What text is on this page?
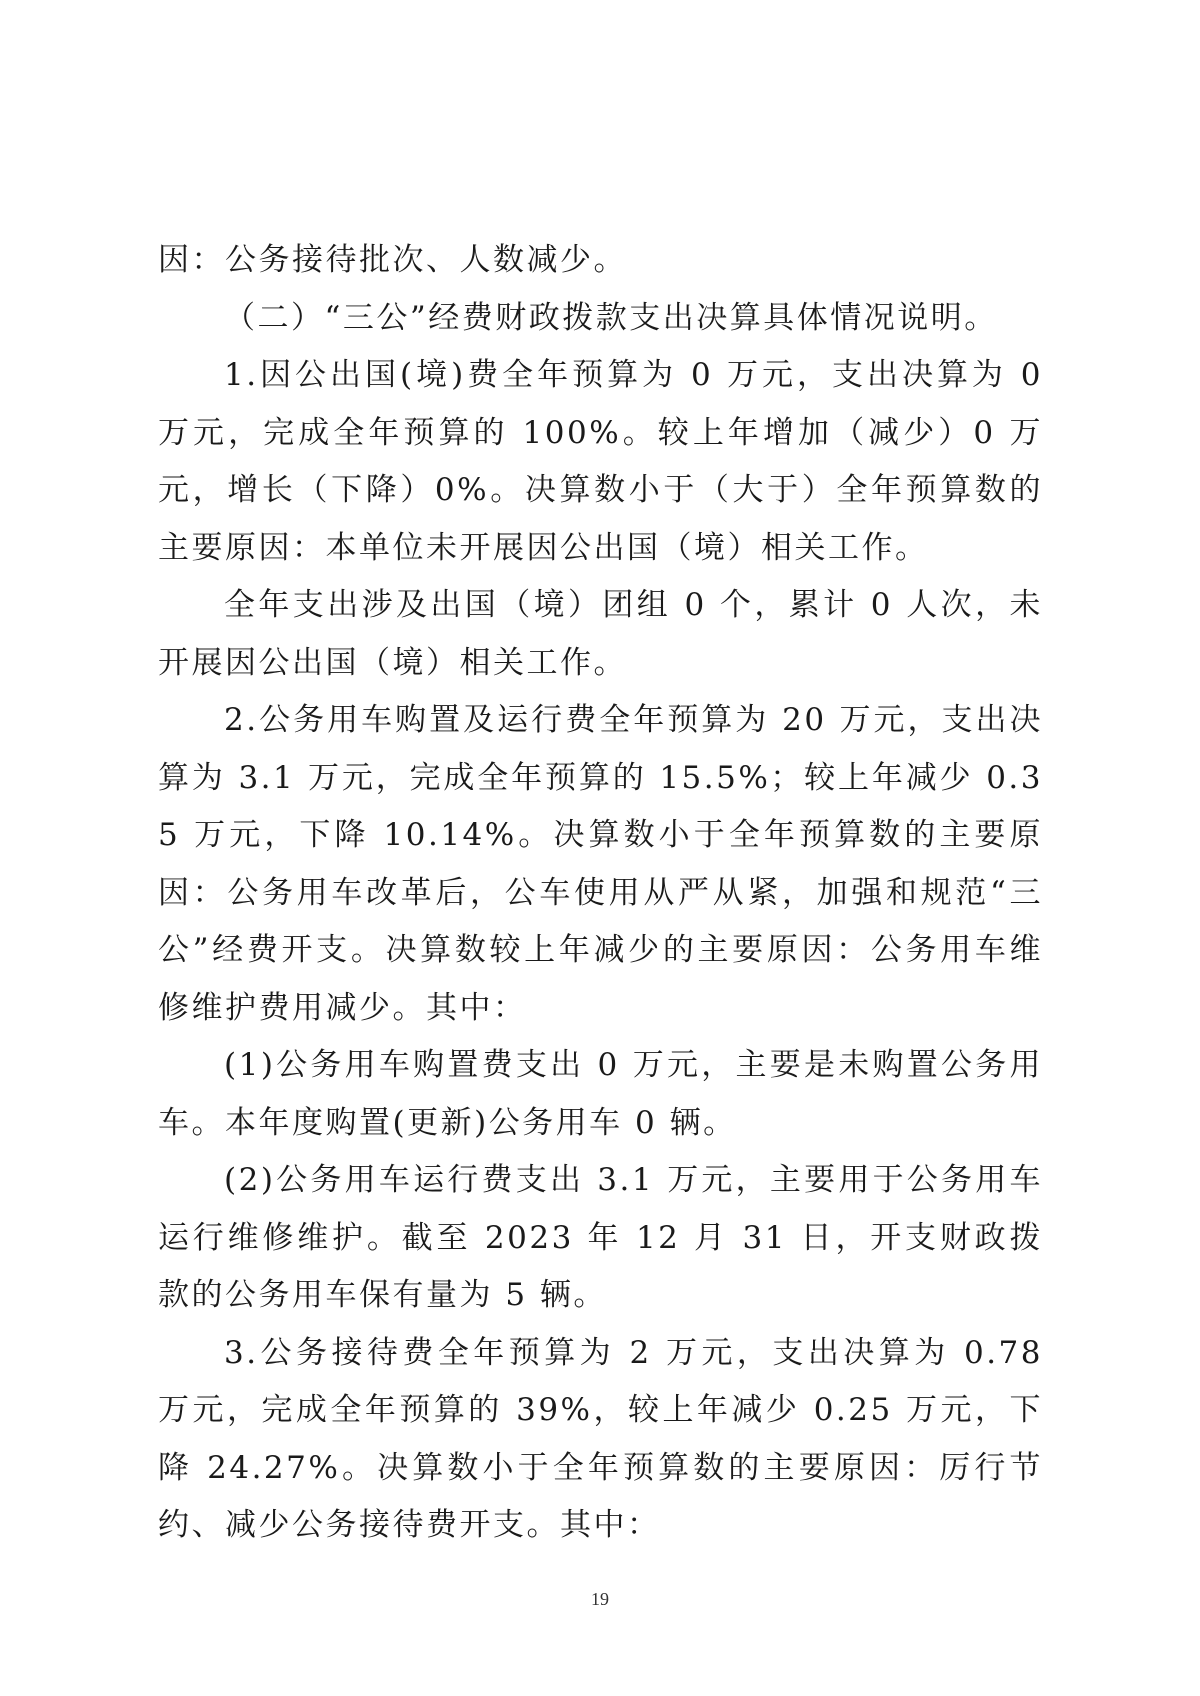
因：公务接待批次、人数减少。

（二）“三公”经费财政拨款支出决算具体情况说明。

1.因公出国(境)费全年预算为 0 万元，支出决算为 0 万元，完成全年预算的 100%。较上年增加（减少）0 万元，增长（下降）0%。决算数小于（大于）全年预算数的主要原因：本单位未开展因公出国（境）相关工作。

全年支出涉及出国（境）团组 0 个，累计 0 人次，未开展因公出国（境）相关工作。

2.公务用车购置及运行费全年预算为 20 万元，支出决算为 3.1 万元，完成全年预算的 15.5%；较上年减少 0.35 万元，下降 10.14%。决算数小于全年预算数的主要原因：公务用车改革后，公车使用从严从紧，加强和规范“三公”经费开支。决算数较上年减少的主要原因：公务用车维修维护费用减少。其中：

(1)公务用车购置费支出 0 万元，主要是未购置公务用车。本年度购置(更新)公务用车 0 辆。

(2)公务用车运行费支出 3.1 万元，主要用于公务用车运行维修维护。截至 2023 年 12 月 31 日，开支财政拨款的公务用车保有量为 5 辆。

3.公务接待费全年预算为 2 万元，支出决算为 0.78 万元，完成全年预算的 39%，较上年减少 0.25 万元，下降 24.27%。决算数小于全年预算数的主要原因：厉行节约、减少公务接待费开支。其中：

19
